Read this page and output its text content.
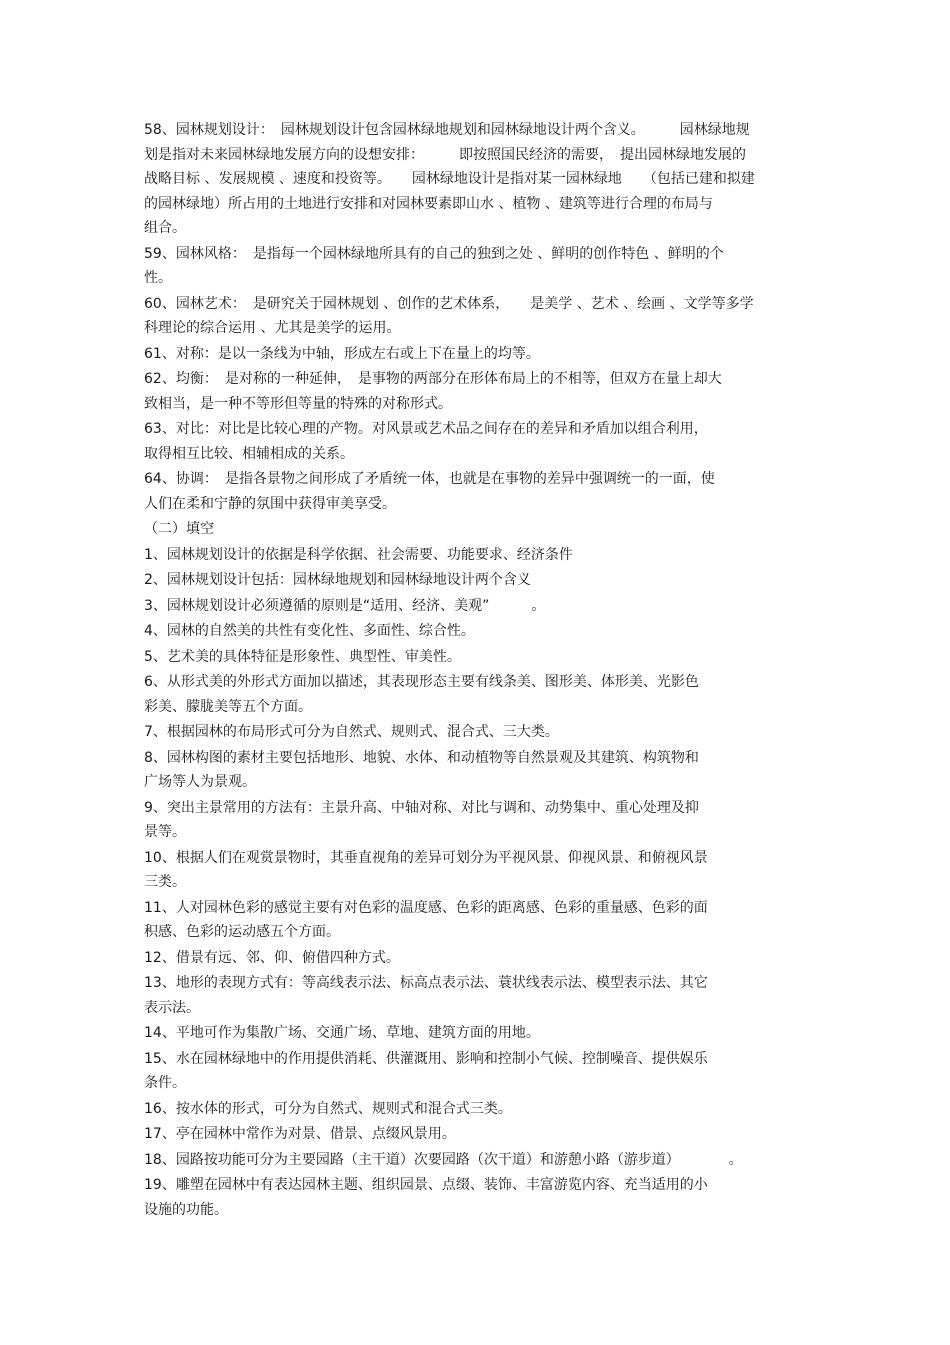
58、园林规划设计：　园林规划设计包含园林绿地规划和园林绿地设计两个含义。　　　园林绿地规
划是指对未来园林绿地发展方向的设想安排：　　　即按照国民经济的需要，　提出园林绿地发展的
战略目标 、发展规模 、速度和投资等。　　园林绿地设计是指对某一园林绿地　　（包括已建和拟建
的园林绿地）所占用的土地进行安排和对园林要素即山水 、植物 、建筑等进行合理的布局与
组合。
59、园林风格：　是指每一个园林绿地所具有的自己的独到之处 、鲜明的创作特色 、鲜明的个
性。
60、园林艺术：　是研究关于园林规划 、创作的艺术体系，　　是美学 、艺术 、绘画 、文学等多学
科理论的综合运用 、尤其是美学的运用。
61、对称：是以一条线为中轴，形成左右或上下在量上的均等。
62、均衡：　是对称的一种延伸，　是事物的两部分在形体布局上的不相等，但双方在量上却大
致相当，是一种不等形但等量的特殊的对称形式。
63、对比：对比是比较心理的产物。对风景或艺术品之间存在的差异和矛盾加以组合利用，
取得相互比较、相辅相成的关系。
64、协调：　是指各景物之间形成了矛盾统一体，也就是在事物的差异中强调统一的一面，使
人们在柔和宁静的氛围中获得审美享受。
（二）填空
1、园林规划设计的依据是科学依据、社会需要、功能要求、经济条件
2、园林规划设计包括：园林绿地规划和园林绿地设计两个含义
3、园林规划设计必须遵循的原则是“适用、经济、美观”　　　。
4、园林的自然美的共性有变化性、多面性、综合性。
5、艺术美的具体特征是形象性、典型性、审美性。
6、从形式美的外形式方面加以描述，其表现形态主要有线条美、图形美、体形美、光影色
彩美、朦胧美等五个方面。
7、根据园林的布局形式可分为自然式、规则式、混合式、三大类。
8、园林构图的素材主要包括地形、地貌、水体、和动植物等自然景观及其建筑、构筑物和
广场等人为景观。
9、突出主景常用的方法有：主景升高、中轴对称、对比与调和、动势集中、重心处理及抑
景等。
10、根据人们在观赏景物时，其垂直视角的差异可划分为平视风景、仰视风景、和俯视风景
三类。
11、人对园林色彩的感觉主要有对色彩的温度感、色彩的距离感、色彩的重量感、色彩的面
积感、色彩的运动感五个方面。
12、借景有远、邻、仰、俯借四种方式。
13、地形的表现方式有：等高线表示法、标高点表示法、蓑状线表示法、模型表示法、其它
表示法。
14、平地可作为集散广场、交通广场、草地、建筑方面的用地。
15、水在园林绿地中的作用提供消耗、供灌溉用、影响和控制小气候、控制噪音、提供娱乐
条件。
16、按水体的形式，可分为自然式、规则式和混合式三类。
17、亭在园林中常作为对景、借景、点缀风景用。
18、园路按功能可分为主要园路（主干道）次要园路（次干道）和游憩小路（游步道）　　　　。
19、雕塑在园林中有表达园林主题、组织园景、点缀、装饰、丰富游览内容、充当适用的小
设施的功能。
